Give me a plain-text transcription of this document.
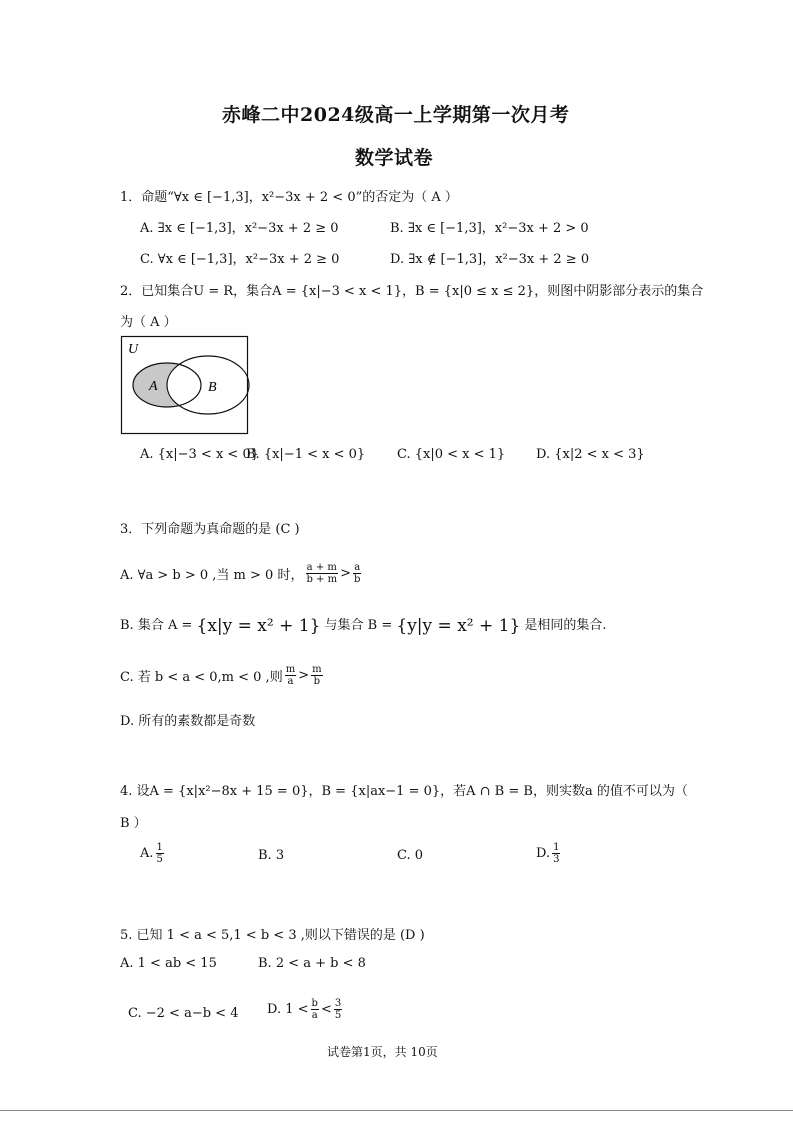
赤峰二中2024级高一上学期第一次月考
数学试卷
1．命题“∀x ∈ [−1,3]，x²−3x + 2 < 0”的否定为（ A ）
A. ∃x ∈ [−1,3]，x²−3x + 2 ≥ 0	B. ∃x ∈ [−1,3]，x²−3x + 2 > 0
C. ∀x ∈ [−1,3]，x²−3x + 2 ≥ 0	D. ∃x ∉ [−1,3]，x²−3x + 2 ≥ 0
2．已知集合U = R，集合A = {x|−3 < x < 1}，B = {x|0 ≤ x ≤ 2}，则图中阴影部分表示的集合
为（ A ）
U
A	B
A. {x|−3 < x < 0}
B. {x|−1 < x < 0} C. {x|0 < x < 1} D. {x|2 < x < 3}
3．下列命题为真命题的是 (C )
A. ∀a > b > 0 ,当 m > 0 时， $\frac{a + m}{b + m} > \frac{a}{b}$
B. 集合 A = {x|y = x² + 1} 与集合 B = {y|y = x² + 1} 是相同的集合.
C. 若 b < a < 0,m < 0 ,则 $\frac{m}{a} > \frac{m}{b}$
D. 所有的素数都是奇数
4. 设A = {x|x²−8x + 15 = 0}，B = {x|ax−1 = 0}，若A ∩ B = B，则实数a 的值不可以为（
B ）
A. $\frac{1}{5}$	B. 3	C. 0	D. $\frac{1}{3}$
5. 已知 1 < a < 5,1 < b < 3 ,则以下错误的是 (D )
A. 1 < ab < 15	B. 2 < a + b < 8
C. −2 < a−b < 4 D. $1 < \frac{b}{a} < \frac{3}{5}$
试卷第1页，共 10页
